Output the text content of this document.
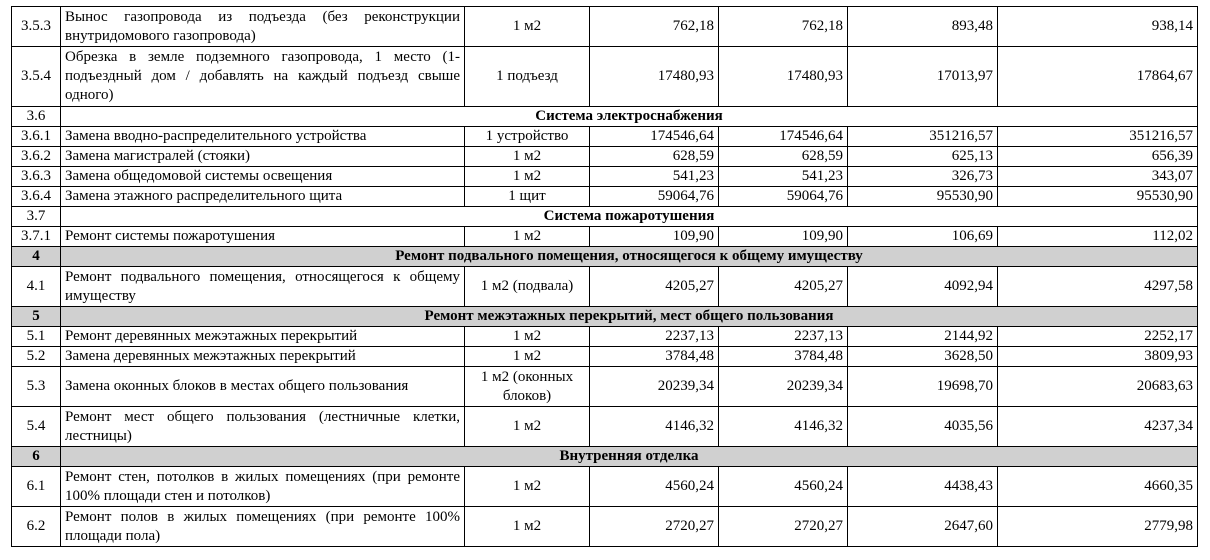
3.5.3	Вынос газопровода из подъезда (без реконструкции внутридомового газопровода)	1 м2	762,18	762,18	893,48	938,14
3.5.4	Обрезка в земле подземного газопровода, 1 место (1-подъездный дом / добавлять на каждый подъезд свыше одного)	1 подъезд	17480,93	17480,93	17013,97	17864,67
3.6	Система электроснабжения					
3.6.1	Замена вводно-распределительного устройства	1 устройство	174546,64	174546,64	351216,57	351216,57
3.6.2	Замена магистралей (стояки)	1 м2	628,59	628,59	625,13	656,39
3.6.3	Замена общедомовой системы освещения	1 м2	541,23	541,23	326,73	343,07
3.6.4	Замена этажного распределительного щита	1 щит	59064,76	59064,76	95530,90	95530,90
3.7	Система пожаротушения					
3.7.1	Ремонт системы пожаротушения	1 м2	109,90	109,90	106,69	112,02
4	Ремонт подвального помещения, относящегося к общему имуществу					
4.1	Ремонт подвального помещения, относящегося к общему имуществу	1 м2 (подвала)	4205,27	4205,27	4092,94	4297,58
5	Ремонт межэтажных перекрытий, мест общего пользования					
5.1	Ремонт деревянных межэтажных перекрытий	1 м2	2237,13	2237,13	2144,92	2252,17
5.2	Замена деревянных межэтажных перекрытий	1 м2	3784,48	3784,48	3628,50	3809,93
5.3	Замена оконных блоков в местах общего пользования	1 м2 (оконных блоков)	20239,34	20239,34	19698,70	20683,63
5.4	Ремонт мест общего пользования (лестничные клетки, лестницы)	1 м2	4146,32	4146,32	4035,56	4237,34
6	Внутренняя отделка					
6.1	Ремонт стен, потолков в жилых помещениях (при ремонте 100% площади стен и потолков)	1 м2	4560,24	4560,24	4438,43	4660,35
6.2	Ремонт полов в жилых помещениях (при ремонте 100% площади пола)	1 м2	2720,27	2720,27	2647,60	2779,98
